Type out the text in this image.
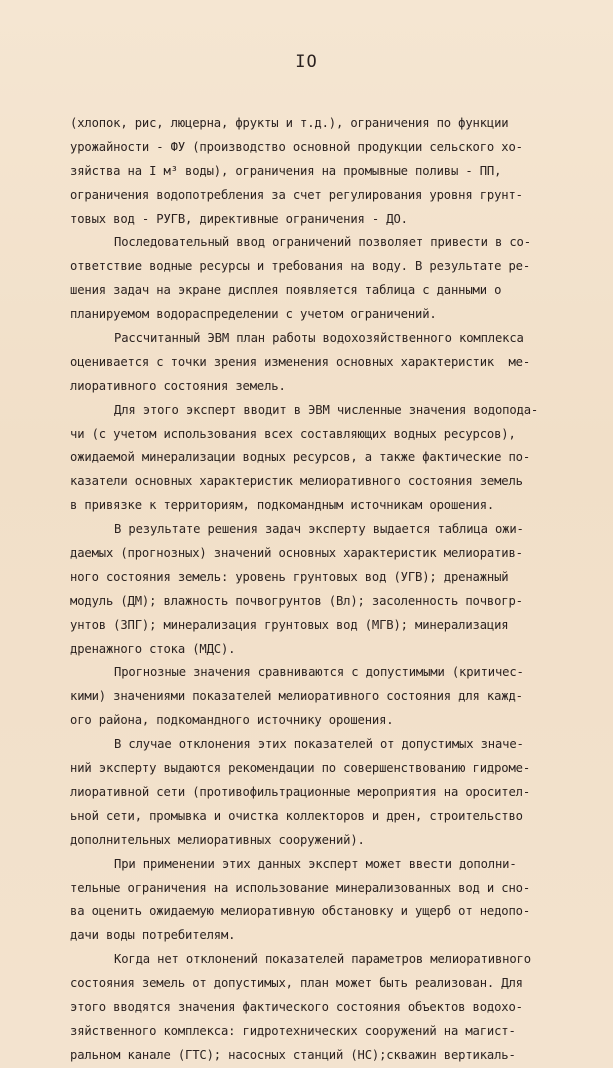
IO
(хлопок, рис, люцерна, фрукты и т.д.), ограничения по функции
урожайности - ФУ (производство основной продукции сельского хо-
зяйства на I м³ воды), ограничения на промывные поливы - ПП,
ограничения водопотребления за счет регулирования уровня грунт-
товых вод - РУГВ, директивные ограничения - ДО.
Последовательный ввод ограничений позволяет привести в со-
ответствие водные ресурсы и требования на воду. В результате ре-
шения задач на экране дисплея появляется таблица с данными о
планируемом водораспределении с учетом ограничений.
Рассчитанный ЭВМ план работы водохозяйственного комплекса
оценивается с точки зрения изменения основных характеристик  ме-
лиоративного состояния земель.
Для этого эксперт вводит в ЭВМ численные значения водопода-
чи (с учетом использования всех составляющих водных ресурсов),
ожидаемой минерализации водных ресурсов, а также фактические по-
казатели основных характеристик мелиоративного состояния земель
в привязке к территориям, подкомандным источникам орошения.
В результате решения задач эксперту выдается таблица ожи-
даемых (прогнозных) значений основных характеристик мелиоратив-
ного состояния земель: уровень грунтовых вод (УГВ); дренажный
модуль (ДМ); влажность почвогрунтов (Вл); засоленность почвогр-
унтов (ЗПГ); минерализация грунтовых вод (МГВ); минерализация
дренажного стока (МДС).
Прогнозные значения сравниваются с допустимыми (критичес-
кими) значениями показателей мелиоративного состояния для кажд-
ого района, подкомандного источнику орошения.
В случае отклонения этих показателей от допустимых значе-
ний эксперту выдаются рекомендации по совершенствованию гидроме-
лиоративной сети (противофильтрационные мероприятия на оросител-
ьной сети, промывка и очистка коллекторов и дрен, строительство
дополнительных мелиоративных сооружений).
При применении этих данных эксперт может ввести дополни-
тельные ограничения на использование минерализованных вод и сно-
ва оценить ожидаемую мелиоративную обстановку и ущерб от недопо-
дачи воды потребителям.
Когда нет отклонений показателей параметров мелиоративного
состояния земель от допустимых, план может быть реализован. Для
этого вводятся значения фактического состояния объектов водохо-
зяйственного комплекса: гидротехнических сооружений на магист-
ральном канале (ГТС); насосных станций (НС);скважин вертикаль-
